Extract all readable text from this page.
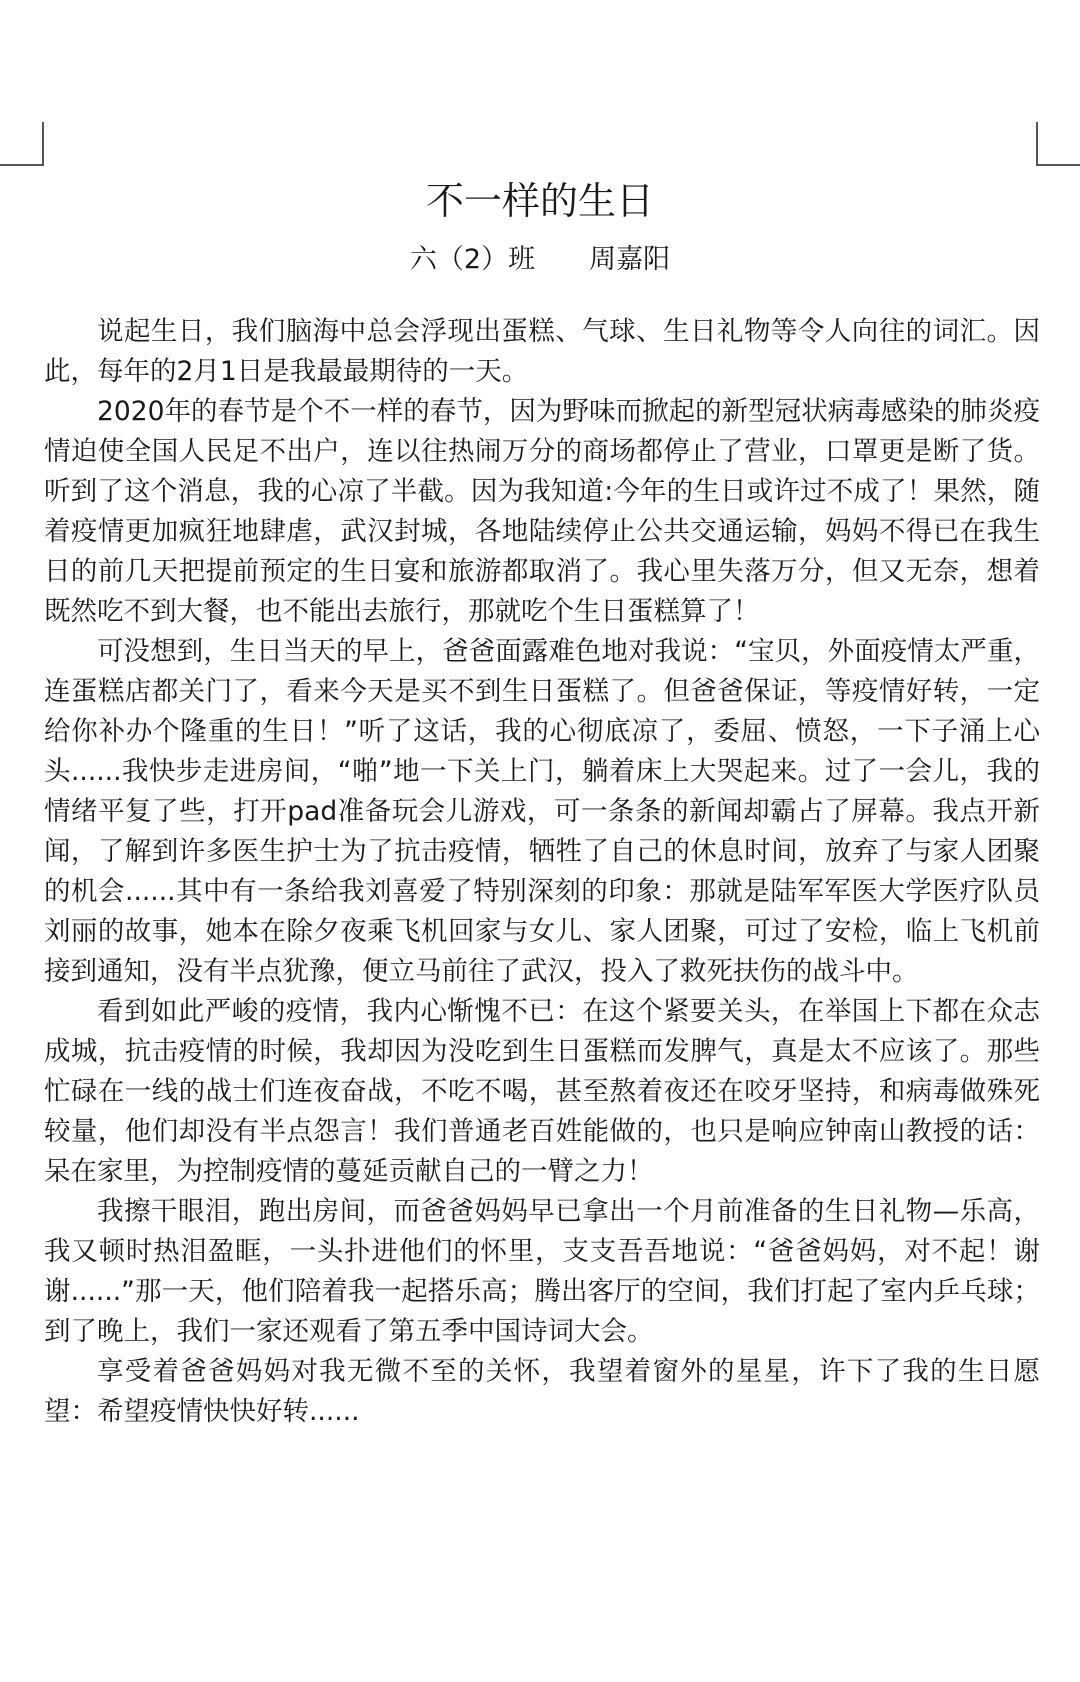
不一样的生日

六（2）班　　周嘉阳

说起生日，我们脑海中总会浮现出蛋糕、气球、生日礼物等令人向往的词汇。因此，每年的2月1日是我最最期待的一天。

2020年的春节是个不一样的春节，因为野味而掀起的新型冠状病毒感染的肺炎疫情迫使全国人民足不出户，连以往热闹万分的商场都停止了营业，口罩更是断了货。听到了这个消息，我的心凉了半截。因为我知道:今年的生日或许过不成了！果然，随着疫情更加疯狂地肆虐，武汉封城，各地陆续停止公共交通运输，妈妈不得已在我生日的前几天把提前预定的生日宴和旅游都取消了。我心里失落万分，但又无奈，想着既然吃不到大餐，也不能出去旅行，那就吃个生日蛋糕算了！

可没想到，生日当天的早上，爸爸面露难色地对我说：“宝贝，外面疫情太严重，连蛋糕店都关门了，看来今天是买不到生日蛋糕了。但爸爸保证，等疫情好转，一定给你补办个隆重的生日！”听了这话，我的心彻底凉了，委屈、愤怒，一下子涌上心头......我快步走进房间，“啪”地一下关上门，躺着床上大哭起来。过了一会儿，我的情绪平复了些，打开pad准备玩会儿游戏，可一条条的新闻却霸占了屏幕。我点开新闻，了解到许多医生护士为了抗击疫情，牺牲了自己的休息时间，放弃了与家人团聚的机会......其中有一条给我刘喜爱了特别深刻的印象：那就是陆军军医大学医疗队员刘丽的故事，她本在除夕夜乘飞机回家与女儿、家人团聚，可过了安检，临上飞机前接到通知，没有半点犹豫，便立马前往了武汉，投入了救死扶伤的战斗中。

看到如此严峻的疫情，我内心惭愧不已：在这个紧要关头，在举国上下都在众志成城，抗击疫情的时候，我却因为没吃到生日蛋糕而发脾气，真是太不应该了。那些忙碌在一线的战士们连夜奋战，不吃不喝，甚至熬着夜还在咬牙坚持，和病毒做殊死较量，他们却没有半点怨言！我们普通老百姓能做的，也只是响应钟南山教授的话：呆在家里，为控制疫情的蔓延贡献自己的一臂之力！

我擦干眼泪，跑出房间，而爸爸妈妈早已拿出一个月前准备的生日礼物—乐高，我又顿时热泪盈眶，一头扑进他们的怀里，支支吾吾地说：“爸爸妈妈，对不起！谢谢......”那一天，他们陪着我一起搭乐高；腾出客厅的空间，我们打起了室内乒乓球；到了晚上，我们一家还观看了第五季中国诗词大会。

享受着爸爸妈妈对我无微不至的关怀，我望着窗外的星星，许下了我的生日愿望：希望疫情快快好转......
